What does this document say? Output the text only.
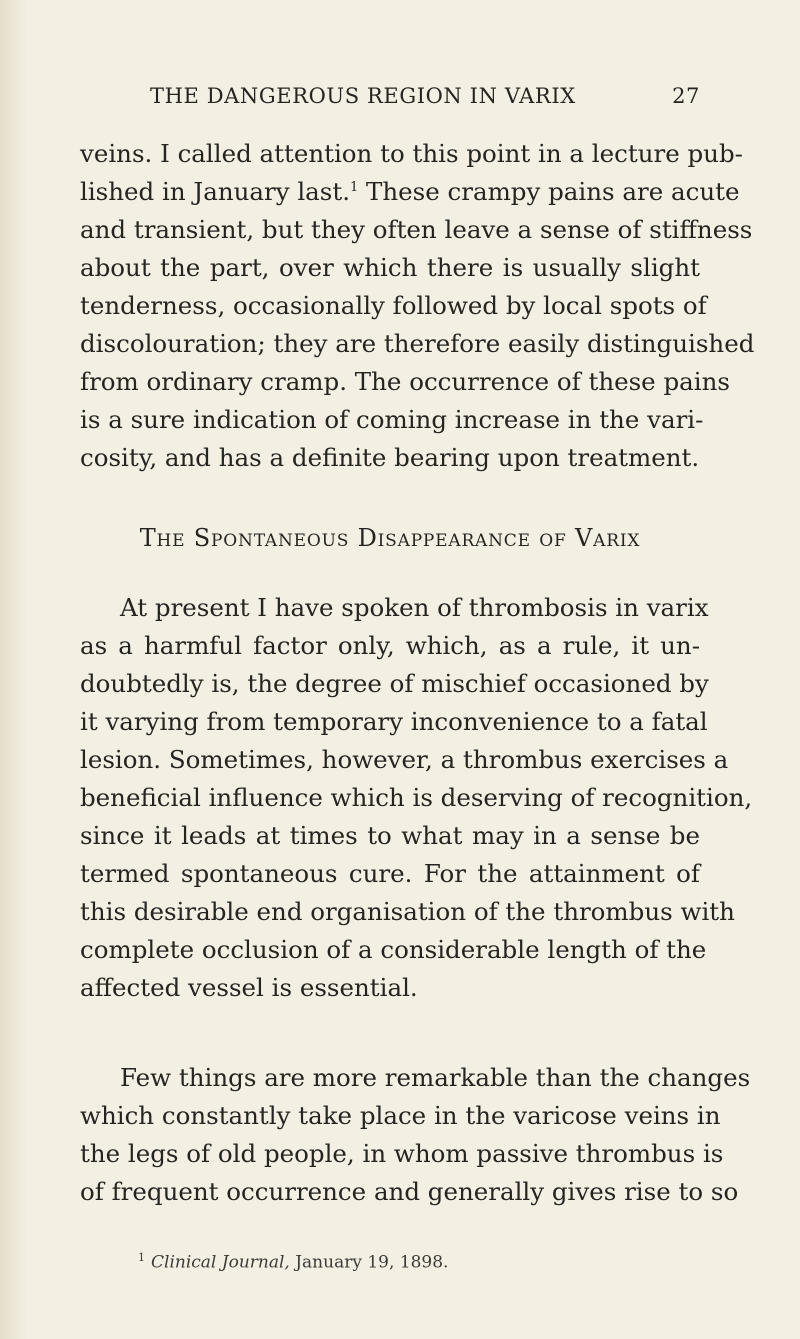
THE DANGEROUS REGION IN VARIX	27
veins. I called attention to this point in a lecture pub-
lished in January last.$^1$ These crampy pains are acute
and transient, but they often leave a sense of stiffness
about the part, over which there is usually slight
tenderness, occasionally followed by local spots of
discolouration; they are therefore easily distinguished
from ordinary cramp. The occurrence of these pains
is a sure indication of coming increase in the vari-
cosity, and has a definite bearing upon treatment.
The Spontaneous Disappearance of Varix
At present I have spoken of thrombosis in varix
as a harmful factor only, which, as a rule, it un-
doubtedly is, the degree of mischief occasioned by
it varying from temporary inconvenience to a fatal
lesion. Sometimes, however, a thrombus exercises a
beneficial influence which is deserving of recognition,
since it leads at times to what may in a sense be
termed spontaneous cure. For the attainment of
this desirable end organisation of the thrombus with
complete occlusion of a considerable length of the
affected vessel is essential.
Few things are more remarkable than the changes
which constantly take place in the varicose veins in
the legs of old people, in whom passive thrombus is
of frequent occurrence and generally gives rise to so
$^1$ Clinical Journal, January 19, 1898.
